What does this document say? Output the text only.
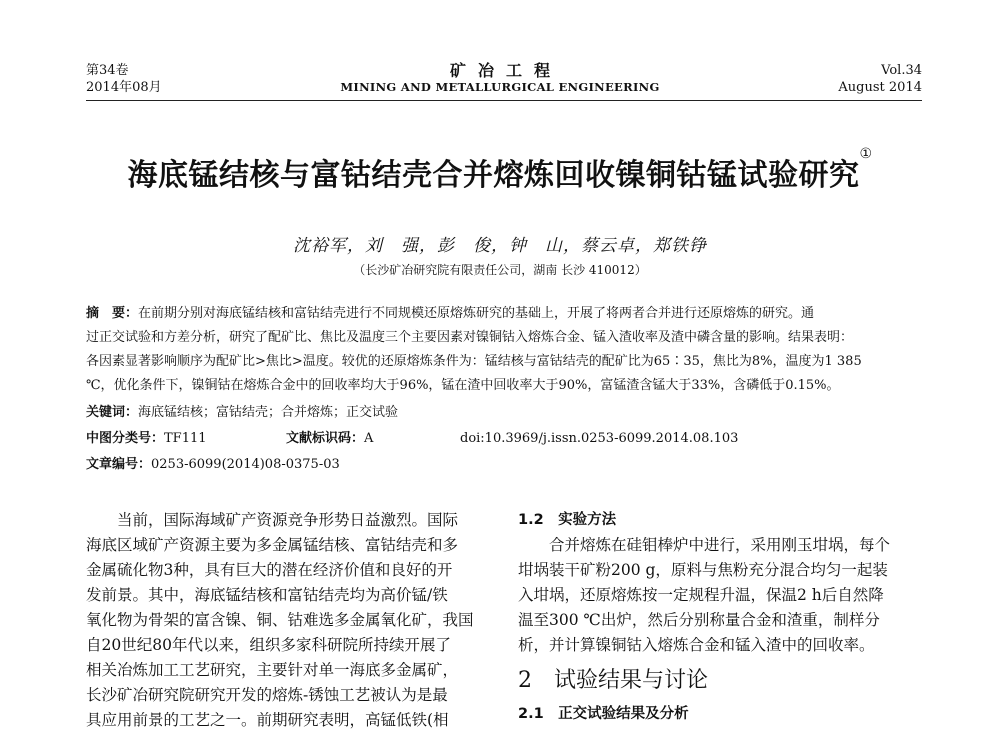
第34卷
2014年08月
矿冶工程
MINING AND METALLURGICAL ENGINEERING
Vol.34
August 2014
海底锰结核与富钴结壳合并熔炼回收镍铜钴锰试验研究①
沈裕军，刘　强，彭　俊，钟　山，蔡云卓，郑铁铮
（长沙矿冶研究院有限责任公司，湖南 长沙 410012）
摘　要：在前期分别对海底锰结核和富钴结壳进行不同规模还原熔炼研究的基础上，开展了将两者合并进行还原熔炼的研究。通
过正交试验和方差分析，研究了配矿比、焦比及温度三个主要因素对镍铜钴入熔炼合金、锰入渣收率及渣中磷含量的影响。结果表明：
各因素显著影响顺序为配矿比>焦比>温度。较优的还原熔炼条件为：锰结核与富钴结壳的配矿比为65∶35，焦比为8%，温度为1 385
℃，优化条件下，镍铜钴在熔炼合金中的回收率均大于96%，锰在渣中回收率大于90%，富锰渣含锰大于33%，含磷低于0.15%。
关键词：海底锰结核；富钴结壳；合并熔炼；正交试验
中图分类号：TF111	文献标识码：A	doi:10.3969/j.issn.0253-6099.2014.08.103
文章编号：0253-6099(2014)08-0375-03
　　当前，国际海域矿产资源竞争形势日益激烈。国际
海底区域矿产资源主要为多金属锰结核、富钴结壳和多
金属硫化物3种，具有巨大的潜在经济价值和良好的开
发前景。其中，海底锰结核和富钴结壳均为高价锰/铁
氧化物为骨架的富含镍、铜、钴难选多金属氧化矿，我国
自20世纪80年代以来，组织多家科研院所持续开展了
相关冶炼加工工艺研究，主要针对单一海底多金属矿，
长沙矿冶研究院研究开发的熔炼-锈蚀工艺被认为是最
具应用前景的工艺之一。前期研究表明，高锰低铁(相
1.2　实验方法
　　合并熔炼在硅钼棒炉中进行，采用刚玉坩埚，每个
坩埚装干矿粉200 g，原料与焦粉充分混合均匀一起装
入坩埚，还原熔炼按一定规程升温，保温2 h后自然降
温至300 ℃出炉，然后分别称量合金和渣重，制样分
析，并计算镍铜钴入熔炼合金和锰入渣中的回收率。
2　试验结果与讨论
2.1　正交试验结果及分析
